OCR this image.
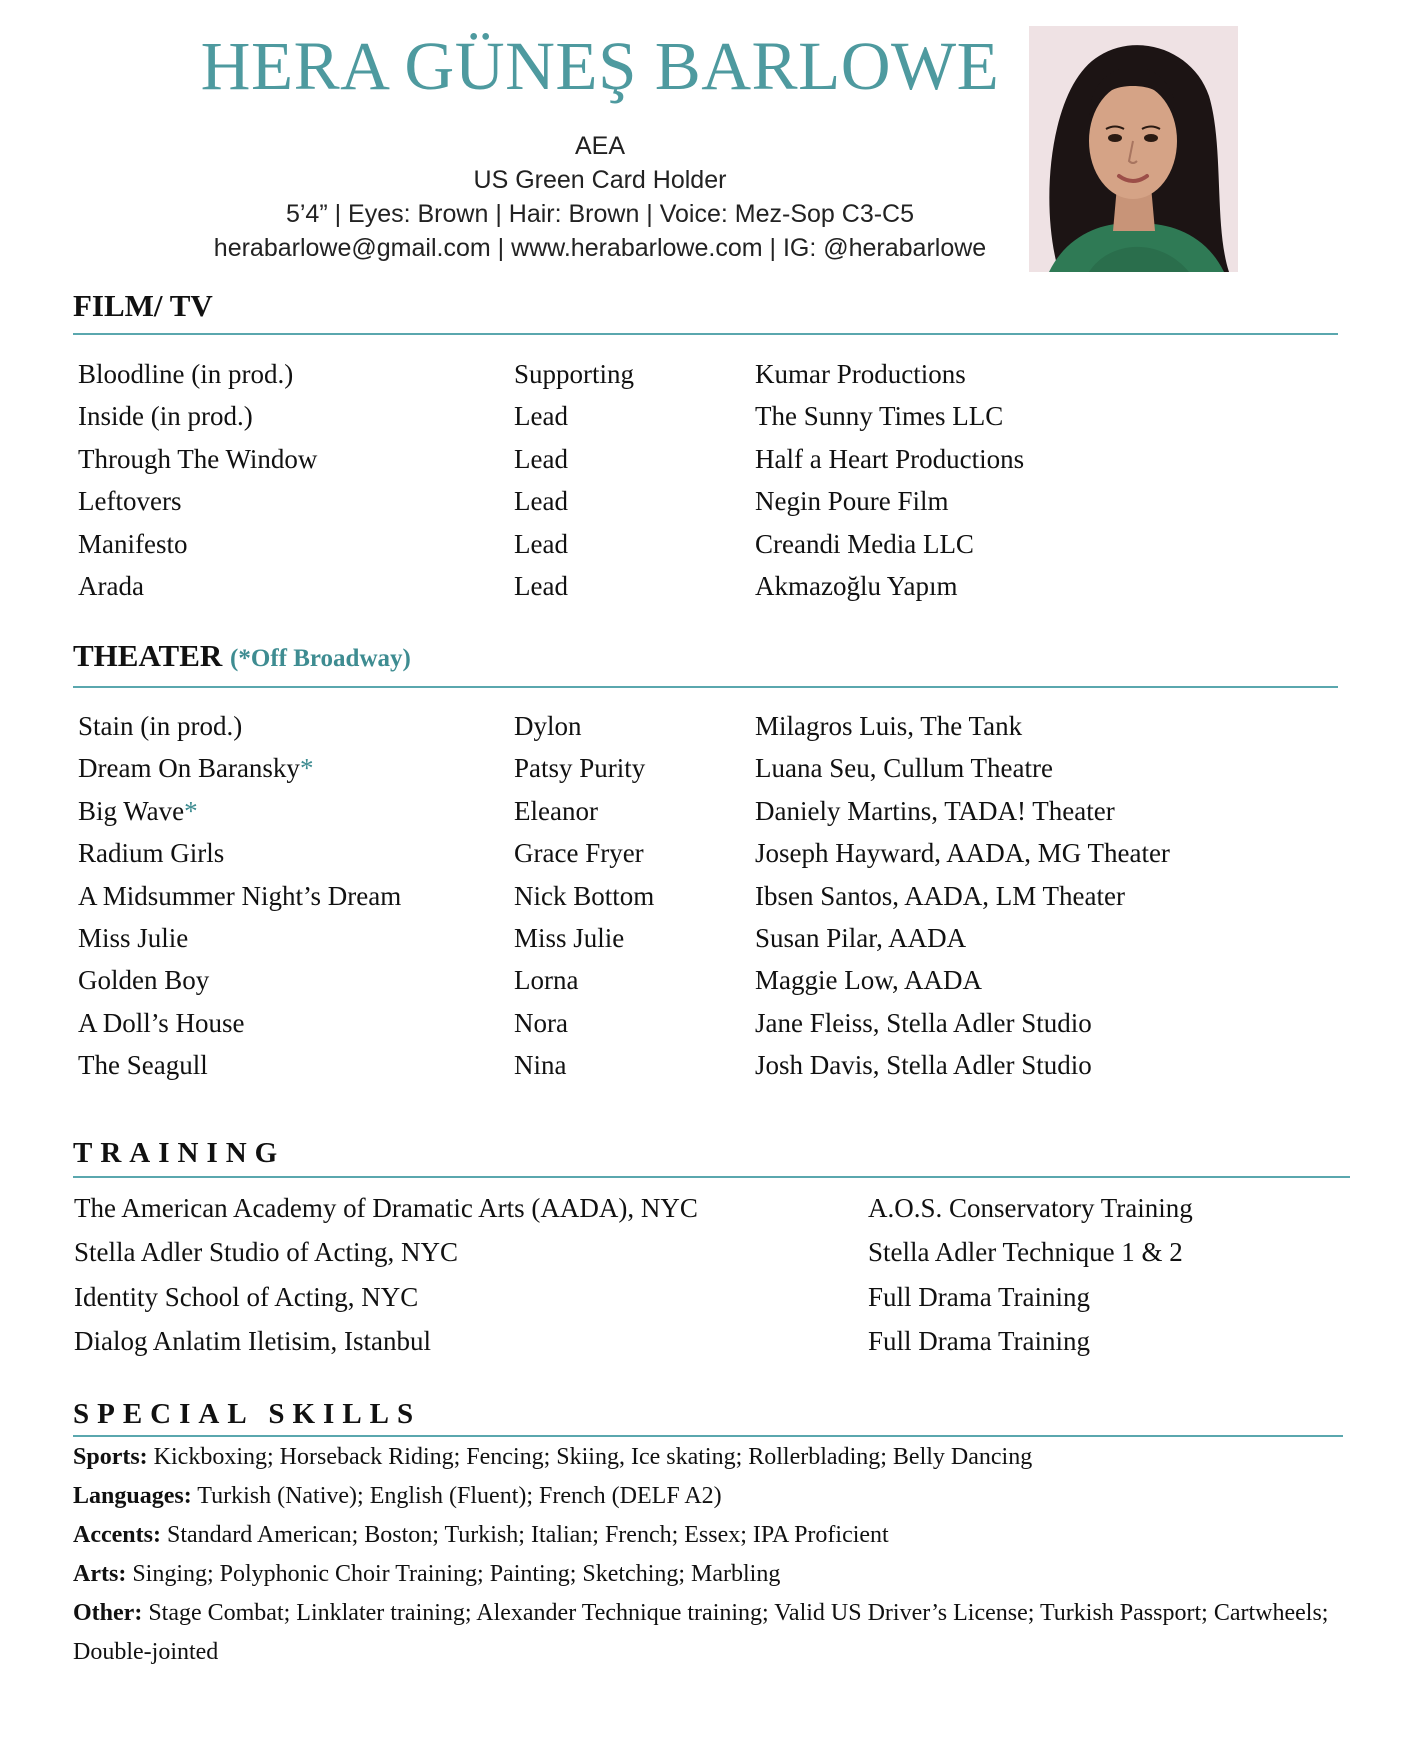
HERA GÜNEŞ BARLOWE
AEA
US Green Card Holder
5’4” | Eyes: Brown | Hair: Brown | Voice: Mez-Sop C3-C5
herabarlowe@gmail.com | www.herabarlowe.com | IG: @herabarlowe
FILM/ TV
Bloodline (in prod.)	Supporting	Kumar Productions
Inside (in prod.)	Lead	The Sunny Times LLC
Through The Window	Lead	Half a Heart Productions
Leftovers	Lead	Negin Poure Film
Manifesto	Lead	Creandi Media LLC
Arada	Lead	Akmazoğlu Yapım
THEATER (*Off Broadway)
Stain (in prod.)	Dylon	Milagros Luis, The Tank
Dream On Baransky*	Patsy Purity	Luana Seu, Cullum Theatre
Big Wave*	Eleanor	Daniely Martins, TADA! Theater
Radium Girls	Grace Fryer	Joseph Hayward, AADA, MG Theater
A Midsummer Night’s Dream	Nick Bottom	Ibsen Santos, AADA, LM Theater
Miss Julie	Miss Julie	Susan Pilar, AADA
Golden Boy	Lorna	Maggie Low, AADA
A Doll’s House	Nora	Jane Fleiss, Stella Adler Studio
The Seagull	Nina	Josh Davis, Stella Adler Studio
TRAINING
The American Academy of Dramatic Arts (AADA), NYC	A.O.S. Conservatory Training
Stella Adler Studio of Acting, NYC	Stella Adler Technique 1 & 2
Identity School of Acting, NYC	Full Drama Training
Dialog Anlatim Iletisim, Istanbul	Full Drama Training
SPECIAL SKILLS
Sports: Kickboxing; Horseback Riding; Fencing; Skiing, Ice skating; Rollerblading; Belly Dancing
Languages: Turkish (Native); English (Fluent); French (DELF A2)
Accents: Standard American; Boston; Turkish; Italian; French; Essex; IPA Proficient
Arts: Singing; Polyphonic Choir Training; Painting; Sketching; Marbling
Other: Stage Combat; Linklater training; Alexander Technique training; Valid US Driver’s License; Turkish Passport; Cartwheels; Double-jointed
